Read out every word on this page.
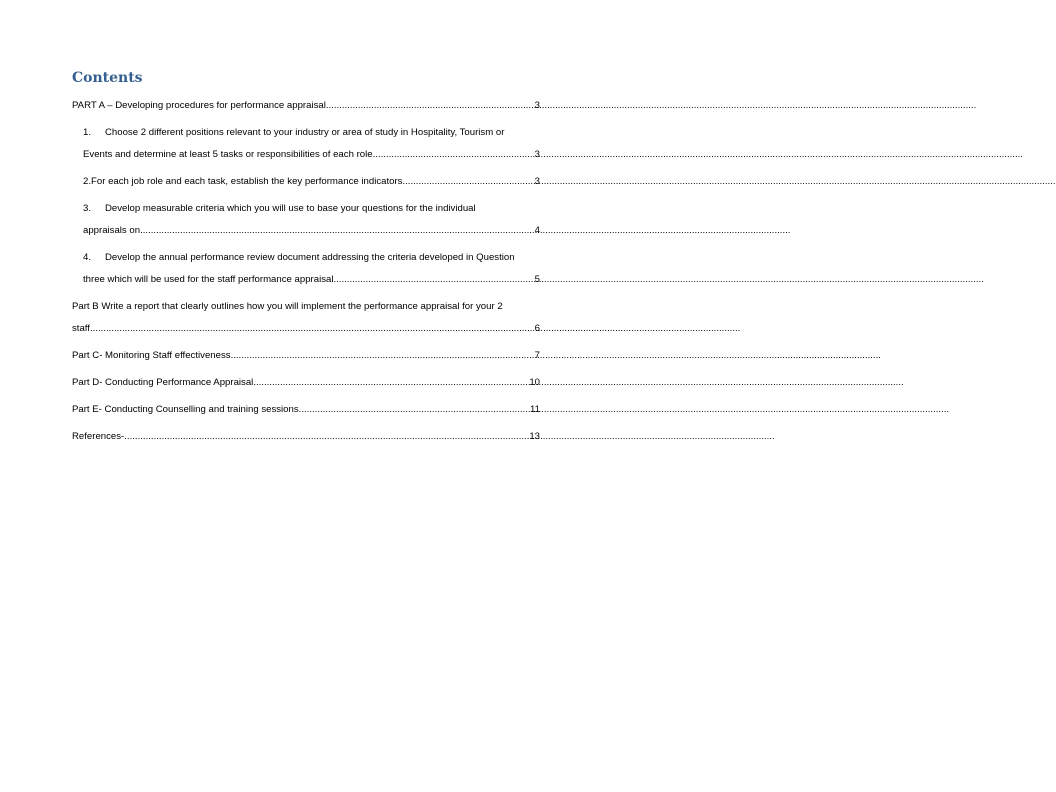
Contents
PART A – Developing procedures for performance appraisal .....	3
1. Choose 2 different positions relevant to your industry or area of study in Hospitality, Tourism or
Events and determine at least 5 tasks or responsibilities of each role .....	3
2. For each job role and each task, establish the key performance indicators. .....	3
3. Develop measurable criteria which you will use to base your questions for the individual
appraisals on .....	4
4. Develop the annual performance review document addressing the criteria developed in Question
three which will be used for the staff performance appraisal .....	5
Part B Write a report that clearly outlines how you will implement the performance appraisal for your 2
staff .....	6
Part C- Monitoring Staff effectiveness .....	7
Part D- Conducting Performance Appraisal .....	10
Part E- Conducting Counselling and training sessions .....	11
References- .....	13
